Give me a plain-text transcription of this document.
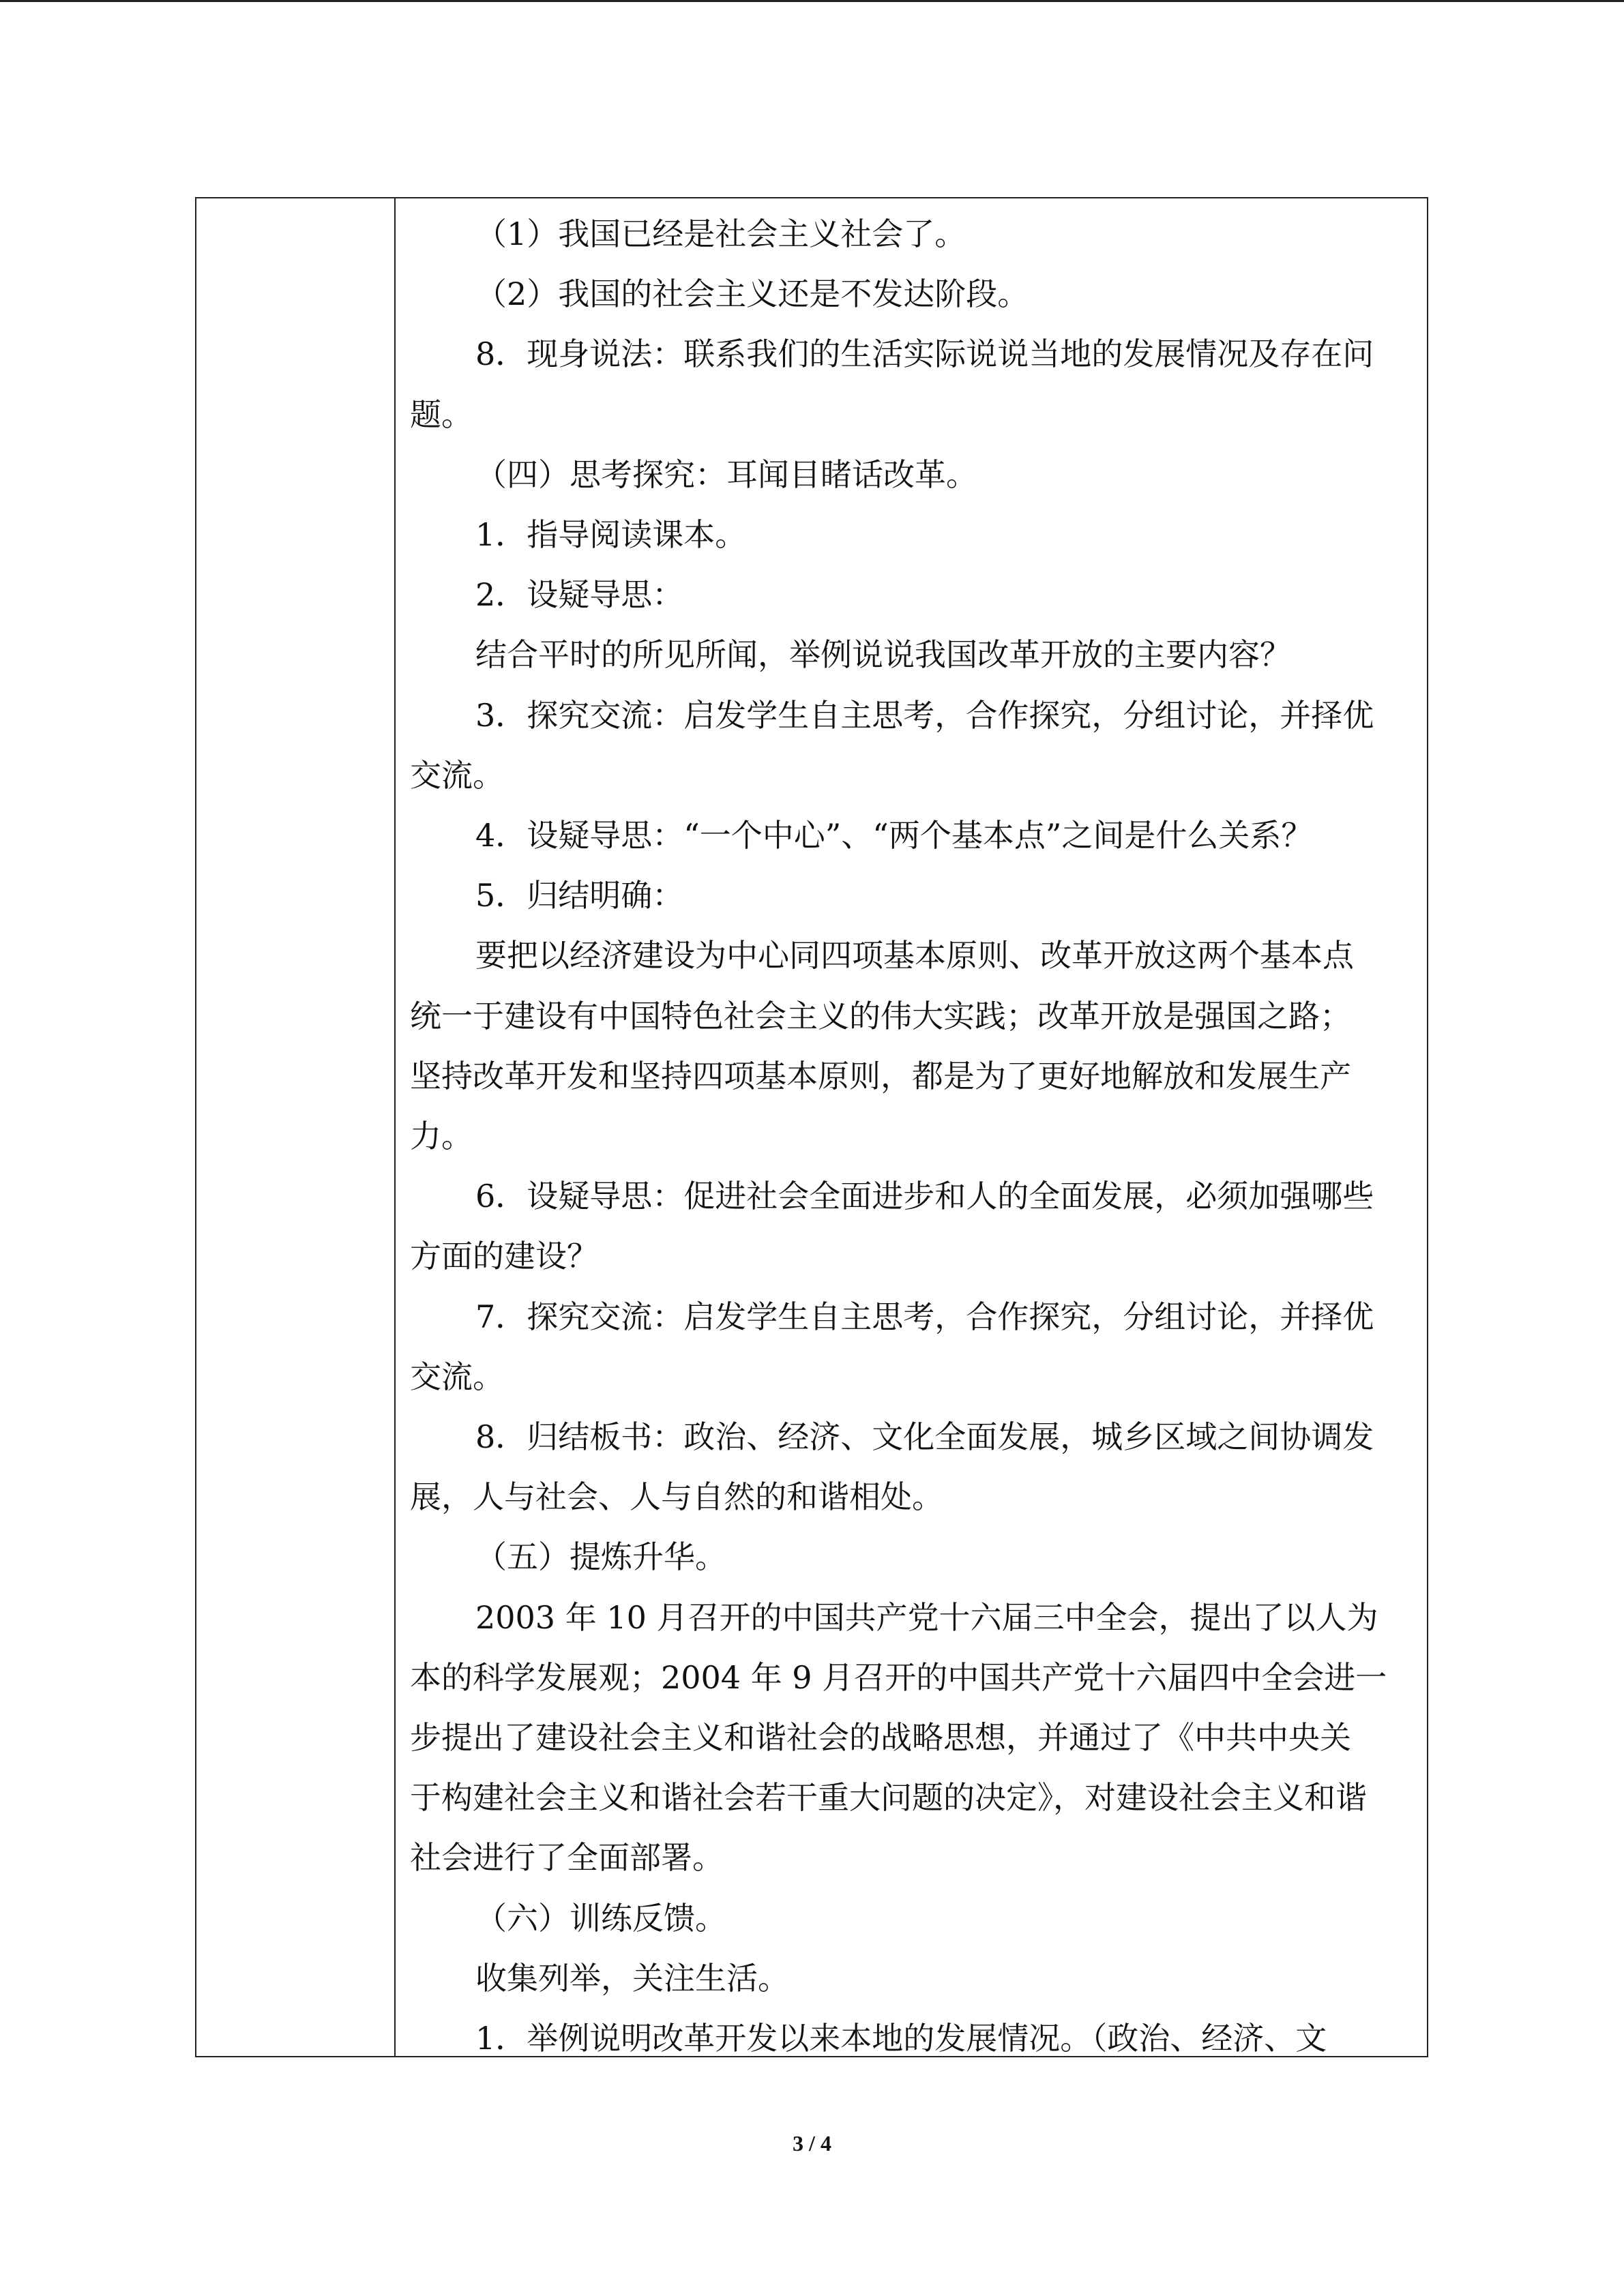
（1）我国已经是社会主义社会了。
（2）我国的社会主义还是不发达阶段。
8．现身说法：联系我们的生活实际说说当地的发展情况及存在问
题。
（四）思考探究：耳闻目睹话改革。
1．指导阅读课本。
2．设疑导思：
结合平时的所见所闻，举例说说我国改革开放的主要内容？
3．探究交流：启发学生自主思考，合作探究，分组讨论，并择优
交流。
4．设疑导思：“一个中心”、“两个基本点”之间是什么关系？
5．归结明确：
要把以经济建设为中心同四项基本原则、改革开放这两个基本点
统一于建设有中国特色社会主义的伟大实践；改革开放是强国之路；
坚持改革开发和坚持四项基本原则，都是为了更好地解放和发展生产
力。
6．设疑导思：促进社会全面进步和人的全面发展，必须加强哪些
方面的建设？
7．探究交流：启发学生自主思考，合作探究，分组讨论，并择优
交流。
8．归结板书：政治、经济、文化全面发展，城乡区域之间协调发
展，人与社会、人与自然的和谐相处。
（五）提炼升华。
2003 年 10 月召开的中国共产党十六届三中全会，提出了以人为
本的科学发展观；2004 年 9 月召开的中国共产党十六届四中全会进一
步提出了建设社会主义和谐社会的战略思想，并通过了《中共中央关
于构建社会主义和谐社会若干重大问题的决定》，对建设社会主义和谐
社会进行了全面部署。
（六）训练反馈。
收集列举，关注生活。
1．举例说明改革开发以来本地的发展情况。（政治、经济、文
3 / 4
